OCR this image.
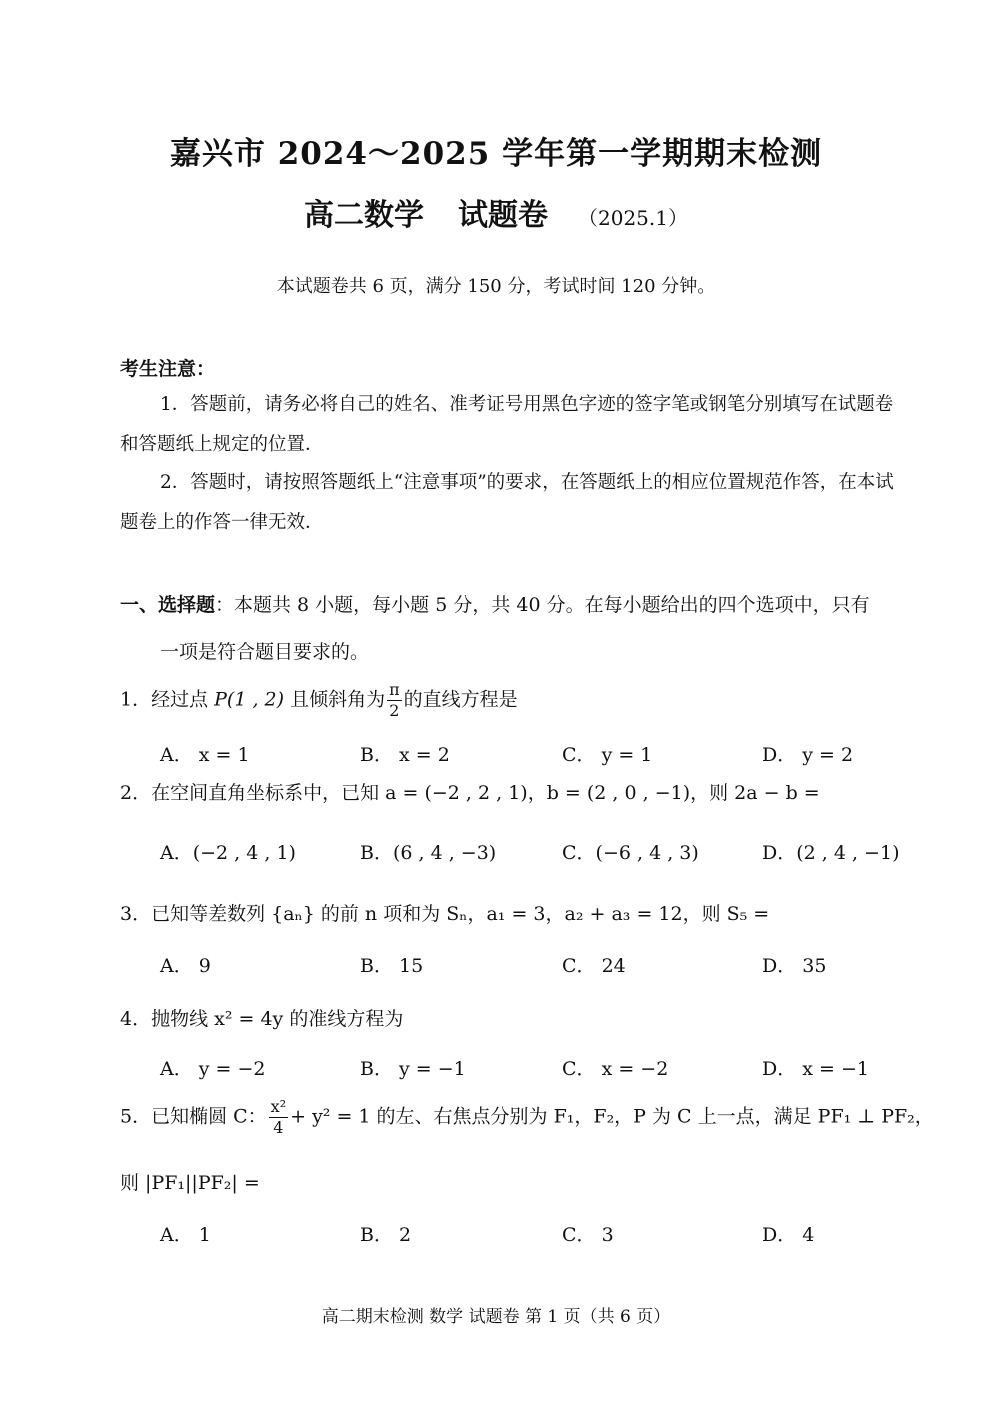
嘉兴市 2024～2025 学年第一学期期末检测
高二数学 试题卷 （2025.1）
本试题卷共 6 页，满分 150 分，考试时间 120 分钟。
考生注意：
1．答题前，请务必将自己的姓名、准考证号用黑色字迹的签字笔或钢笔分别填写在试题卷和答题纸上规定的位置．
2．答题时，请按照答题纸上“注意事项”的要求，在答题纸上的相应位置规范作答，在本试题卷上的作答一律无效．
一、选择题：本题共 8 小题，每小题 5 分，共 40 分。在每小题给出的四个选项中，只有
一项是符合题目要求的。
1．经过点 P(1 , 2) 且倾斜角为 $\frac{\pi}{2}$ 的直线方程是
A． x = 1	B． x = 2	C． y = 1	D． y = 2
2．在空间直角坐标系中，已知 a = (−2 , 2 , 1)，b = (2 , 0 , −1)，则 2a − b =
A．(−2 , 4 , 1)	B．(6 , 4 , −3)	C．(−6 , 4 , 3)	D．(2 , 4 , −1)
3．已知等差数列 {aₙ} 的前 n 项和为 Sₙ，a₁ = 3，a₂ + a₃ = 12，则 S₅ =
A． 9	B． 15	C． 24	D． 35
4．抛物线 x² = 4y 的准线方程为
A． y = −2	B． y = −1	C． x = −2	D． x = −1
5．已知椭圆 C： $\frac{\text{x²}}{4} + y^2 = 1$ 的左、右焦点分别为 F₁，F₂，P 为 C 上一点，满足 PF₁ ⊥ PF₂，
则 |PF₁||PF₂| =
A． 1	B． 2	C． 3	D． 4
高二期末检测 数学 试题卷 第 1 页（共 6 页）
